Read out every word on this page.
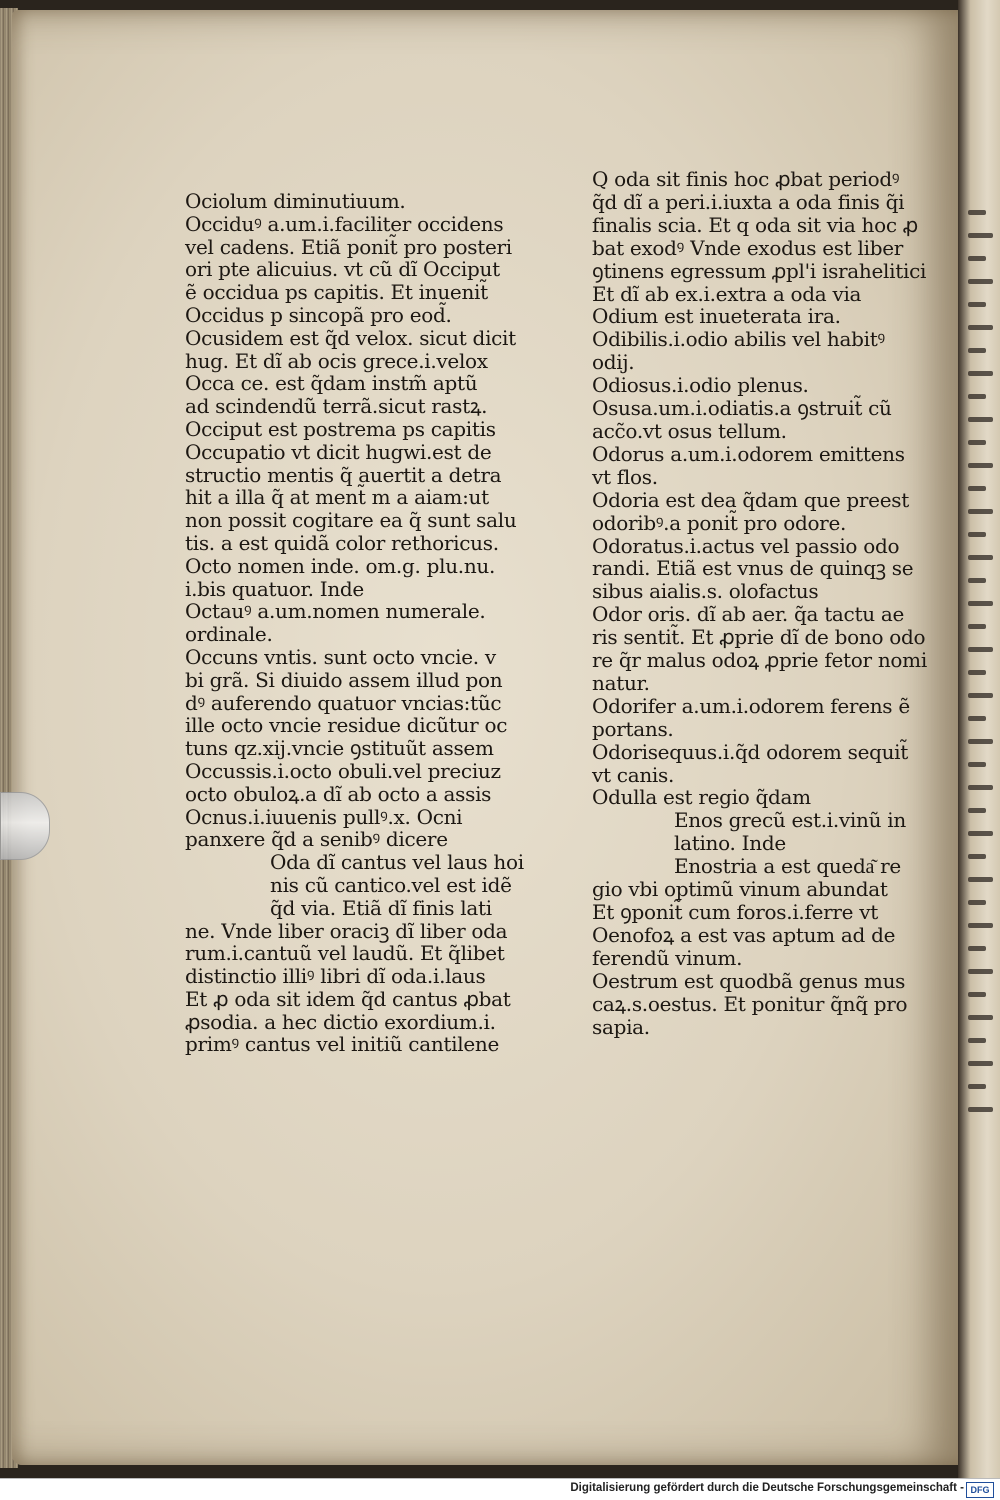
Ociolum diminutiuum.
Occiduꝰ a.um.i.faciliter occidens
vel cadens. Etiã ponit̃ pro posteri
ori pte alicuius. vt cũ dĩ Occiput
ẽ occidua ps capitis. Et inuenit̃
Occidus p sincopã pro eod̃.
Ocusidem est q̃d velox. sicut dicit
hug. Et dĩ ab ocis grece.i.velox
Occa ce. est q̃dam instm̃ aptũ
ad scindendũ terrã.sicut rastꝝ.
Occiput est postrema ps capitis
Occupatio vt dicit hugwi.est de
structio mentis q̃ auertit a detra
hit a illa q̃ at ment̃ m a aiam:ut
non possit cogitare ea q̃ sunt salu
tis. a est quidã color rethoricus.
Octo nomen inde. om.g. plu.nu.
i.bis quatuor. Inde
Octauꝰ a.um.nomen numerale.
ordinale.
Occuns vntis. sunt octo vncie. v
bi grã. Si diuido assem illud pon
dꝰ auferendo quatuor vncias:tũc
ille octo vncie residue dicũtur oc
tuns qz.xij.vncie ꝯstituũt assem
Occussis.i.octo obuli.vel preciuz
octo obuloꝝ.a dĩ ab octo a assis
Ocnus.i.iuuenis pullꝰ.x. Ocni
panxere q̃d a senibꝰ dicere
Oda dĩ cantus vel laus hoi
nis cũ cantico.vel est idẽ
q̃d via. Etiã dĩ finis lati
ne. Vnde liber oraciꝫ dĩ liber oda
rum.i.cantuũ vel laudũ. Et q̃libet
distinctio illiꝰ libri dĩ oda.i.laus
Et ꝓ oda sit idem q̃d cantus ꝓbat
ꝓsodia. a hec dictio exordium.i.
primꝰ cantus vel initiũ cantilene
Q oda sit finis hoc ꝓbat periodꝰ
q̃d dĩ a peri.i.iuxta a oda finis q̃i
finalis scia. Et q oda sit via hoc ꝓ
bat exodꝰ Vnde exodus est liber
ꝯtinens egressum ꝓpl'i israhelitici
Et dĩ ab ex.i.extra a oda via
Odium est inueterata ira.
Odibilis.i.odio abilis vel habitꝰ
odij.
Odiosus.i.odio plenus.
Osusa.um.i.odiatis.a ꝯstruit̃ cũ
acc̃o.vt osus tellum.
Odorus a.um.i.odorem emittens
vt flos.
Odoria est dea q̃dam que preest
odoribꝰ.a ponit̃ pro odore.
Odoratus.i.actus vel passio odo
randi. Etiã est vnus de quinqꝫ se
sibus aialis.s. olofactus
Odor oris. dĩ ab aer. q̃a tactu ae
ris sentit̃. Et ꝓprie dĩ de bono odo
re q̃r malus odoꝝ ꝓprie fetor nomi
natur.
Odorifer a.um.i.odorem ferens ẽ
portans.
Odorisequus.i.q̃d odorem sequit̃
vt canis.
Odulla est regio q̃dam
Enos grecũ est.i.vinũ in
latino. Inde
Enostria a est queda͂ re
gio vbi optimũ vinum abundat
Et ꝯponit̃ cum foros.i.ferre vt
Oenofoꝝ a est vas aptum ad de
ferendũ vinum.
Oestrum est quodbã genus mus
caꝝ.s.oestus. Et ponitur q̃nq̃ pro
sapia.
Digitalisierung gefördert durch die Deutsche Forschungsgemeinschaft - DFG
